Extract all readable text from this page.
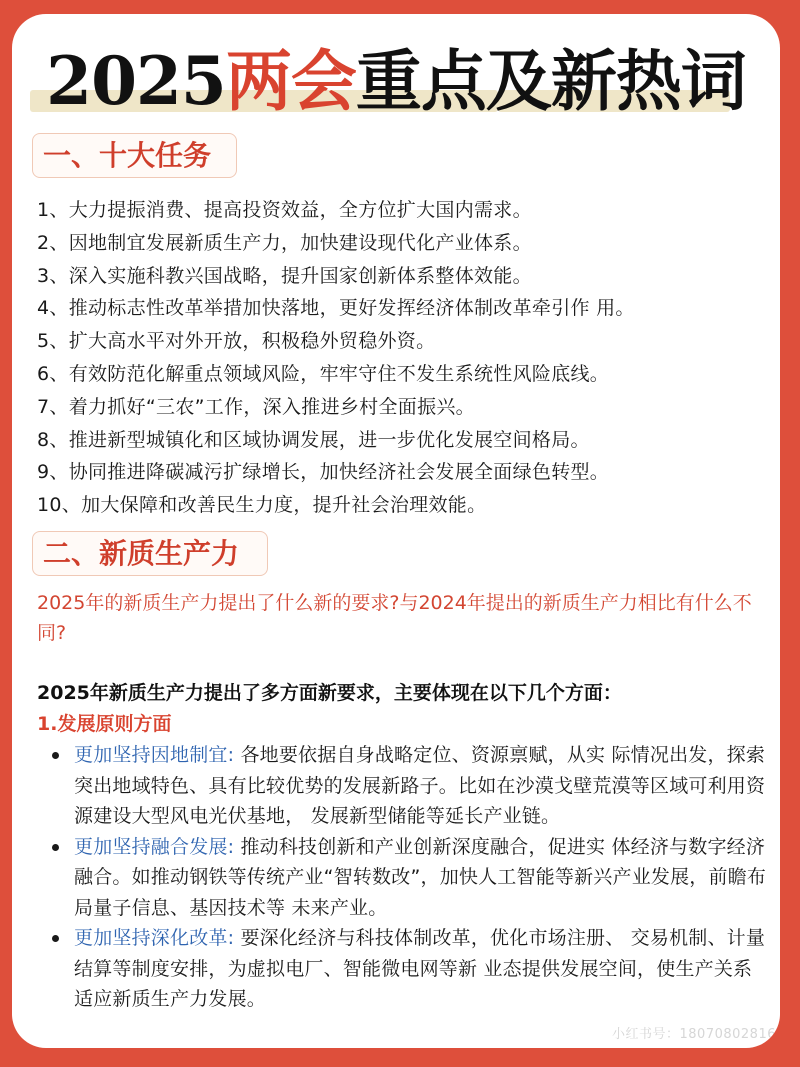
2025两会重点及新热词
一、十大任务
1、大力提振消费、提高投资效益，全方位扩大国内需求。
2、因地制宜发展新质生产力，加快建设现代化产业体系。
3、深入实施科教兴国战略，提升国家创新体系整体效能。
4、推动标志性改革举措加快落地，更好发挥经济体制改革牵引作 用。
5、扩大高水平对外开放，积极稳外贸稳外资。
6、有效防范化解重点领域风险，牢牢守住不发生系统性风险底线。
7、着力抓好“三农”工作，深入推进乡村全面振兴。
8、推进新型城镇化和区域协调发展，进一步优化发展空间格局。
9、协同推进降碳减污扩绿增长，加快经济社会发展全面绿色转型。
10、加大保障和改善民生力度，提升社会治理效能。
二、新质生产力

2025年的新质生产力提出了什么新的要求?与2024年提出的新质生产力相比有什么不同?

2025年新质生产力提出了多方面新要求，主要体现在以下几个方面：

1.发展原则方面

更加坚持因地制宜: 各地要依据自身战略定位、资源禀赋，从实 际情况出发，探索突出地域特色、具有比较优势的发展新路子。比如在沙漠戈壁荒漠等区域可利用资源建设大型风电光伏基地， 发展新型储能等延长产业链。
更加坚持融合发展: 推动科技创新和产业创新深度融合，促进实 体经济与数字经济融合。如推动钢铁等传统产业“智转数改”，加快人工智能等新兴产业发展，前瞻布局量子信息、基因技术等 未来产业。
更加坚持深化改革: 要深化经济与科技体制改革，优化市场注册、 交易机制、计量结算等制度安排，为虚拟电厂、智能微电网等新 业态提供发展空间，使生产关系适应新质生产力发展。
小红书号：18070802816
